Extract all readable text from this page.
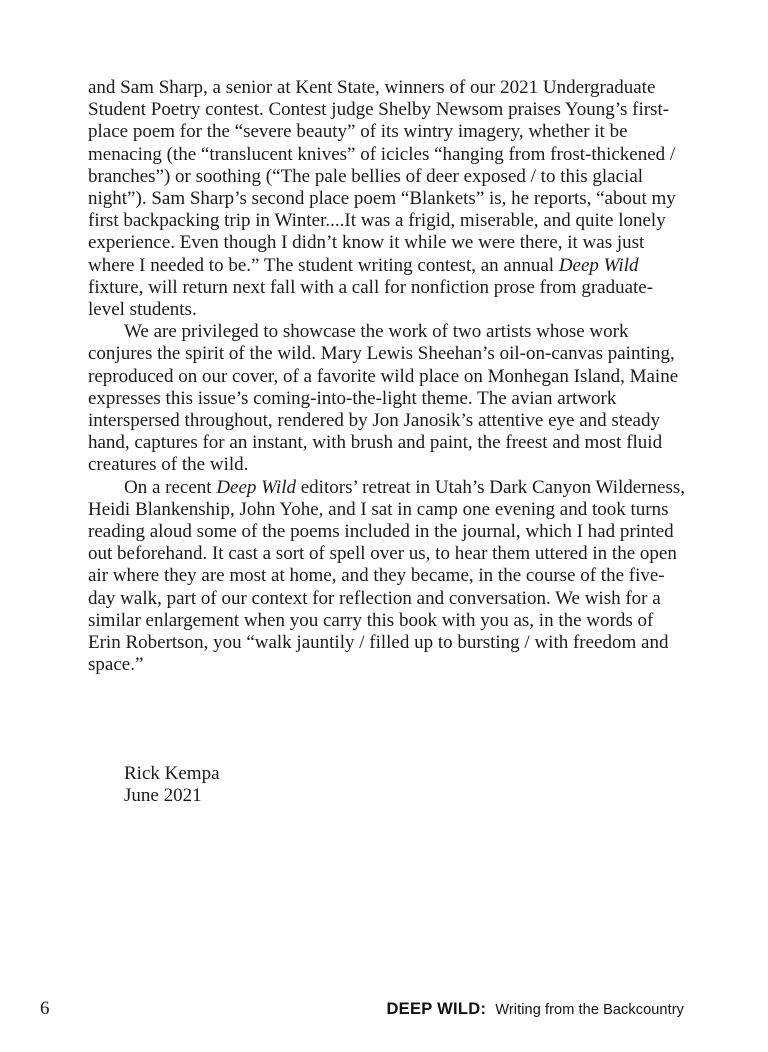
and Sam Sharp, a senior at Kent State, winners of our 2021 Undergraduate Student Poetry contest. Contest judge Shelby Newsom praises Young’s first-place poem for the “severe beauty” of its wintry imagery, whether it be menacing (the “translucent knives” of icicles “hanging from frost-thickened / branches”) or soothing (“The pale bellies of deer exposed / to this glacial night”). Sam Sharp’s second place poem “Blankets” is, he reports, “about my first backpacking trip in Winter....It was a frigid, miserable, and quite lonely experience. Even though I didn’t know it while we were there, it was just where I needed to be.” The student writing contest, an annual Deep Wild fixture, will return next fall with a call for nonfiction prose from graduate-level students.

We are privileged to showcase the work of two artists whose work conjures the spirit of the wild. Mary Lewis Sheehan’s oil-on-canvas painting, reproduced on our cover, of a favorite wild place on Monhegan Island, Maine expresses this issue’s coming-into-the-light theme. The avian artwork interspersed throughout, rendered by Jon Janosik’s attentive eye and steady hand, captures for an instant, with brush and paint, the freest and most fluid creatures of the wild.

On a recent Deep Wild editors’ retreat in Utah’s Dark Canyon Wilderness, Heidi Blankenship, John Yohe, and I sat in camp one evening and took turns reading aloud some of the poems included in the journal, which I had printed out beforehand. It cast a sort of spell over us, to hear them uttered in the open air where they are most at home, and they became, in the course of the five-day walk, part of our context for reflection and conversation. We wish for a similar enlargement when you carry this book with you as, in the words of Erin Robertson, you “walk jauntily / filled up to bursting / with freedom and space.”

Rick Kempa
June 2021
6	DEEP WILD: Writing from the Backcountry
